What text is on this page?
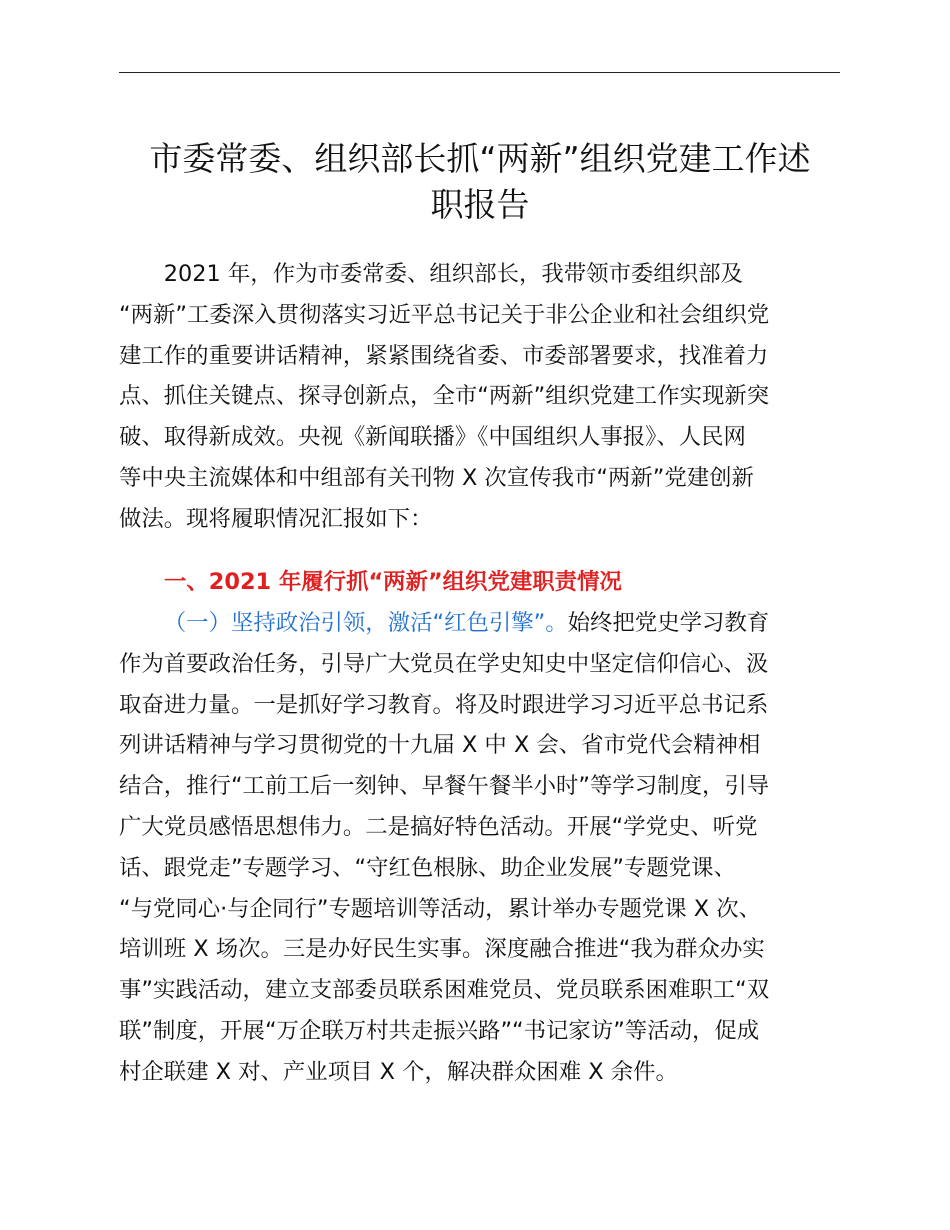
市委常委、组织部长抓“两新”组织党建工作述
职报告

2021 年，作为市委常委、组织部长，我带领市委组织部及
“两新”工委深入贯彻落实习近平总书记关于非公企业和社会组织党
建工作的重要讲话精神，紧紧围绕省委、市委部署要求，找准着力
点、抓住关键点、探寻创新点，全市“两新”组织党建工作实现新突
破、取得新成效。央视《新闻联播》《中国组织人事报》、人民网
等中央主流媒体和中组部有关刊物 X 次宣传我市“两新”党建创新
做法。现将履职情况汇报如下：

一、2021 年履行抓“两新”组织党建职责情况

（一）坚持政治引领，激活“红色引擎”。始终把党史学习教育
作为首要政治任务，引导广大党员在学史知史中坚定信仰信心、汲
取奋进力量。一是抓好学习教育。将及时跟进学习习近平总书记系
列讲话精神与学习贯彻党的十九届 X 中 X 会、省市党代会精神相
结合，推行“工前工后一刻钟、早餐午餐半小时”等学习制度，引导
广大党员感悟思想伟力。二是搞好特色活动。开展“学党史、听党
话、跟党走”专题学习、“守红色根脉、助企业发展”专题党课、
“与党同心·与企同行”专题培训等活动，累计举办专题党课 X 次、
培训班 X 场次。三是办好民生实事。深度融合推进“我为群众办实
事”实践活动，建立支部委员联系困难党员、党员联系困难职工“双
联”制度，开展“万企联万村共走振兴路”“书记家访”等活动，促成
村企联建 X 对、产业项目 X 个，解决群众困难 X 余件。
